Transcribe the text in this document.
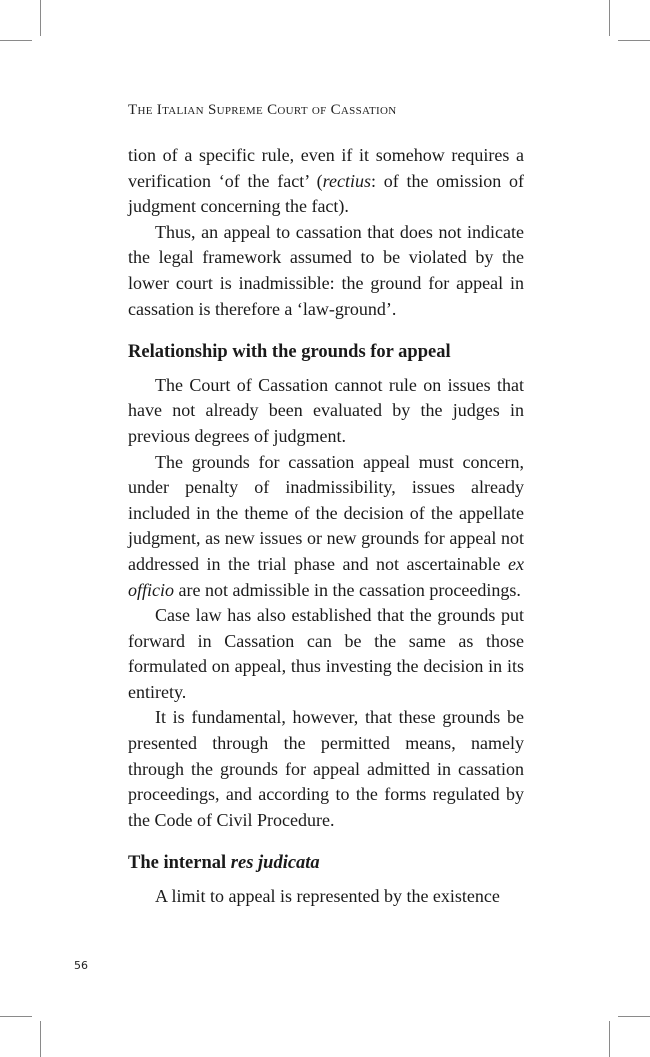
The Italian Supreme Court of Cassation

tion of a specific rule, even if it somehow requires a verification ‘of the fact’ (rectius: of the omission of judgment concerning the fact).

Thus, an appeal to cassation that does not indicate the legal framework assumed to be violated by the lower court is inadmissible: the ground for appeal in cassation is therefore a ‘law-ground’.

Relationship with the grounds for appeal

The Court of Cassation cannot rule on issues that have not already been evaluated by the judges in previous degrees of judgment.

The grounds for cassation appeal must concern, under penalty of inadmissibility, issues already included in the theme of the decision of the appellate judgment, as new issues or new grounds for appeal not addressed in the trial phase and not ascertainable ex officio are not admissible in the cassation proceedings.

Case law has also established that the grounds put forward in Cassation can be the same as those formulated on appeal, thus investing the decision in its entirety.

It is fundamental, however, that these grounds be presented through the permitted means, namely through the grounds for appeal admitted in cassation proceedings, and according to the forms regulated by the Code of Civil Procedure.

The internal res judicata

A limit to appeal is represented by the existence

56
